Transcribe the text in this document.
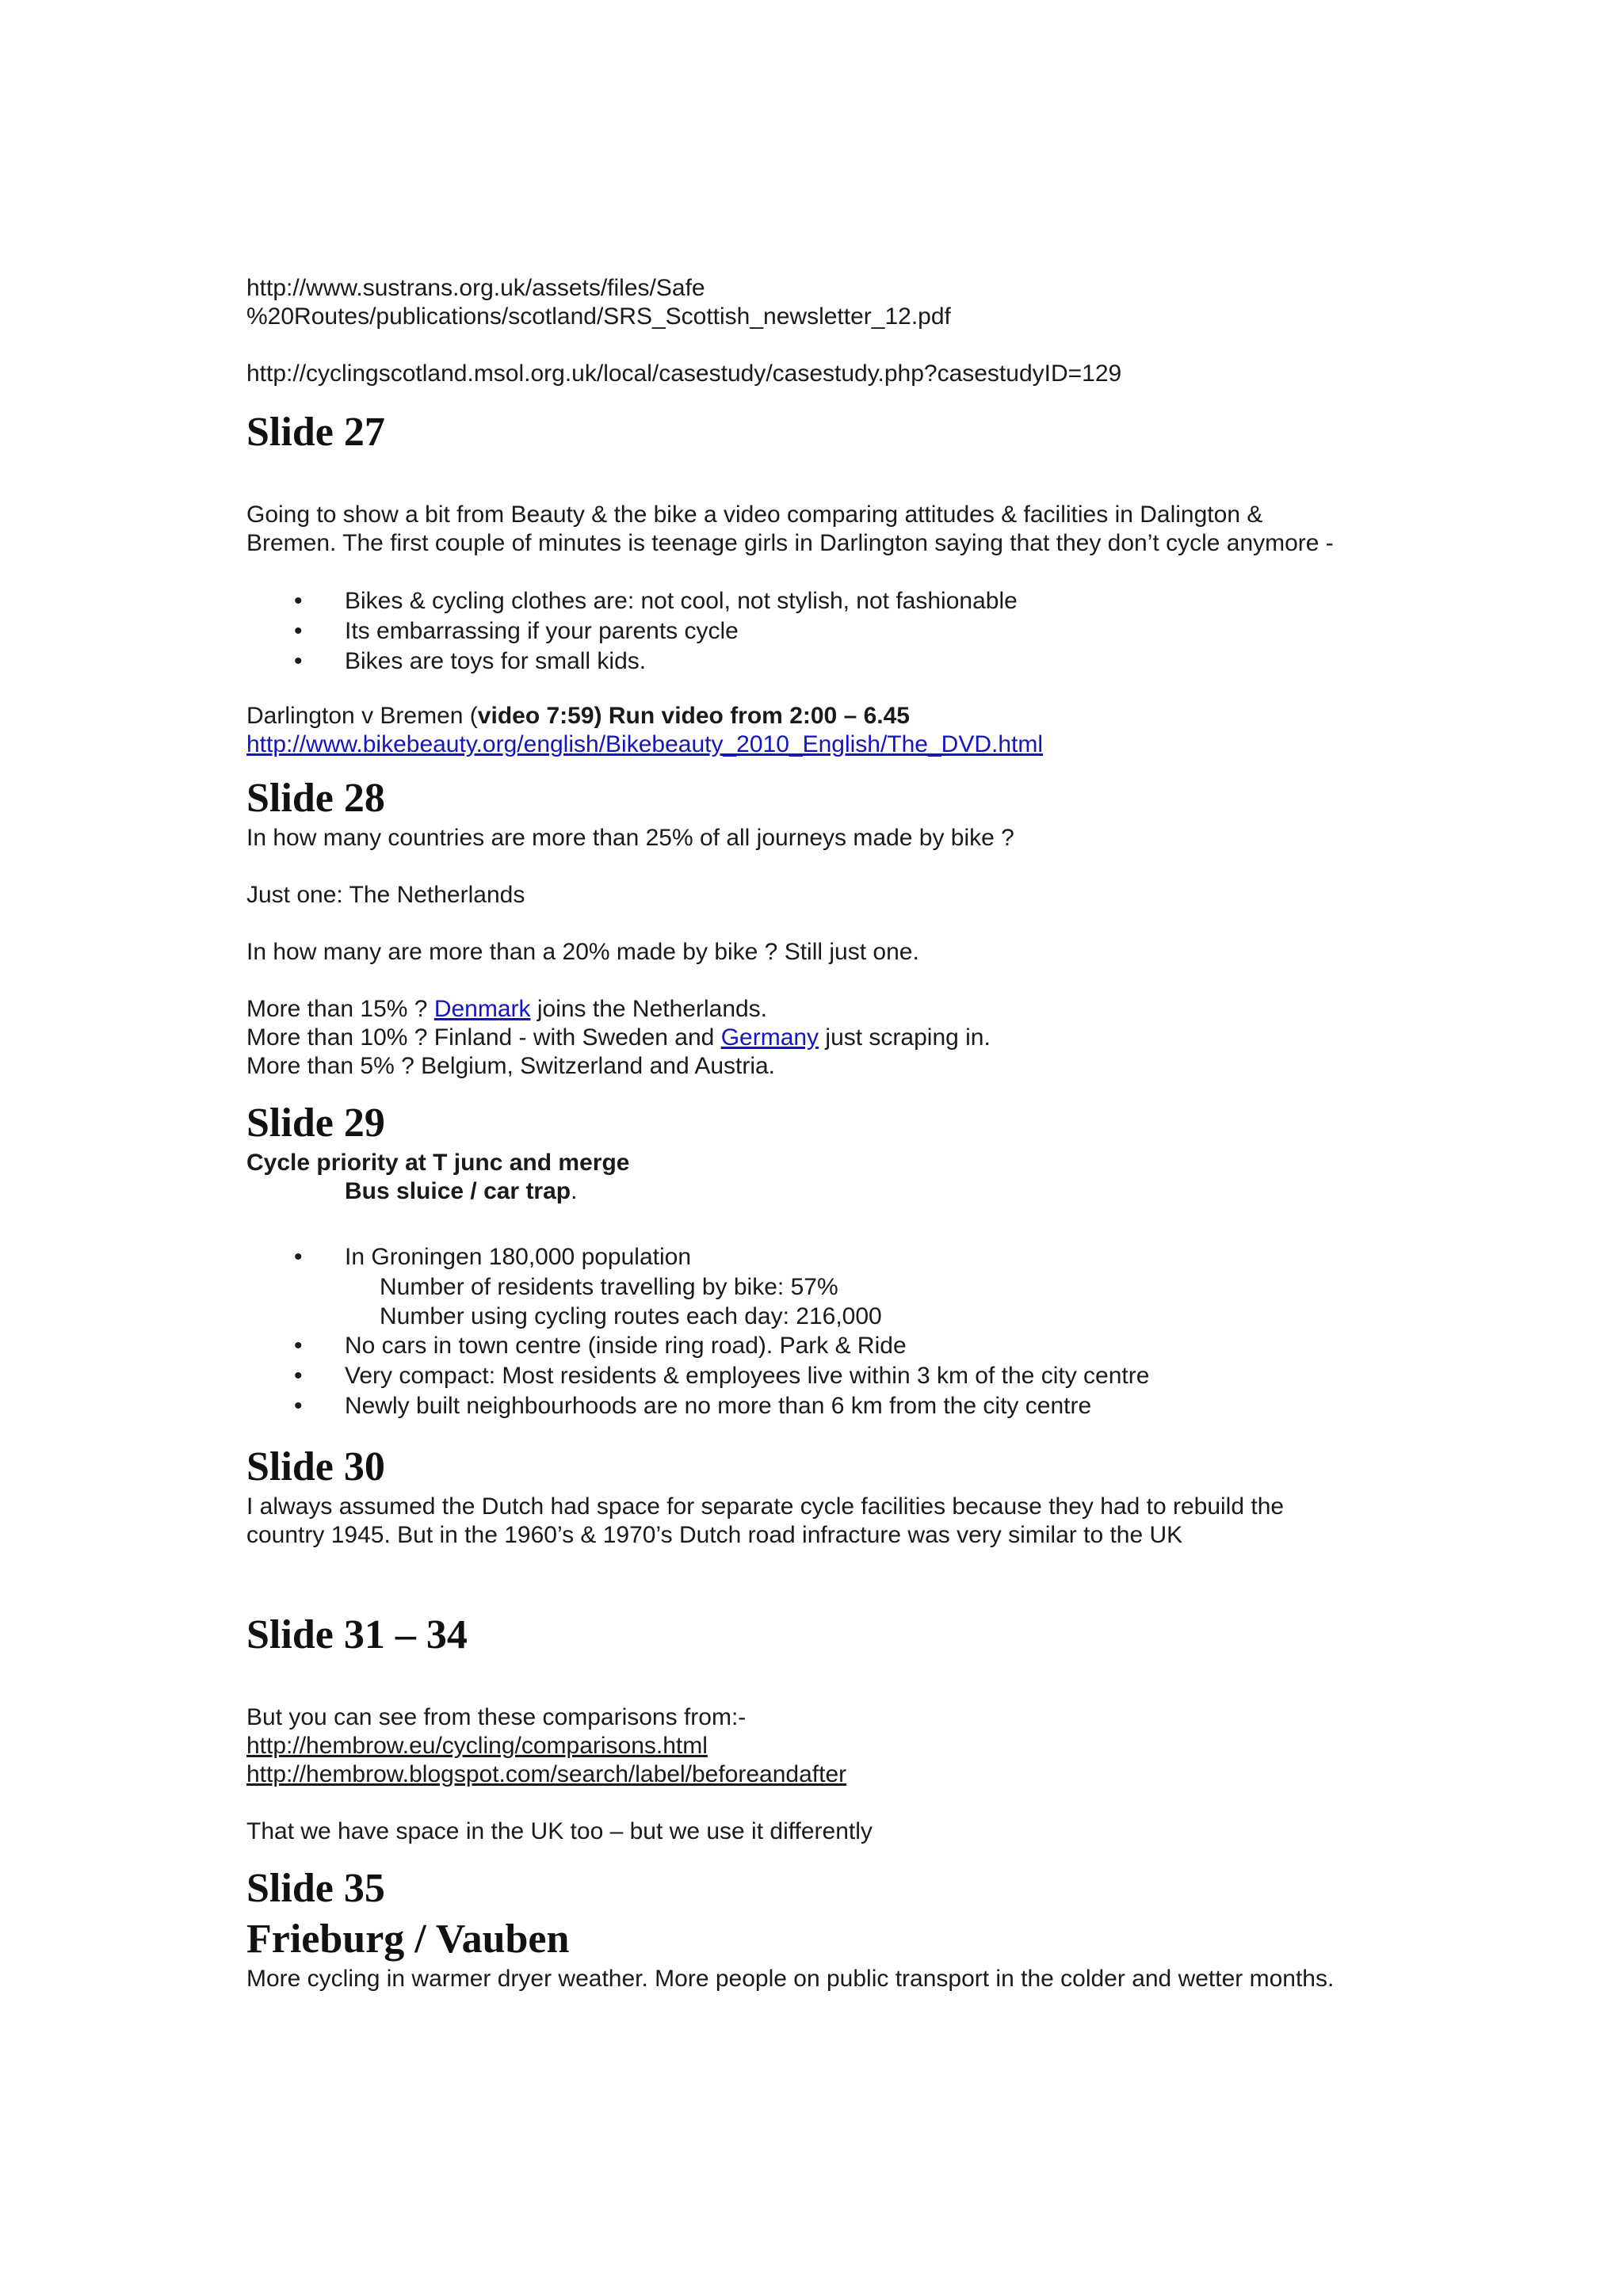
http://www.sustrans.org.uk/assets/files/Safe

%20Routes/publications/scotland/SRS_Scottish_newsletter_12.pdf

http://cyclingscotland.msol.org.uk/local/casestudy/casestudy.php?casestudyID=129

Slide 27

Going to show a bit from Beauty & the bike a video comparing attitudes & facilities in Dalington &

Bremen. The first couple of minutes is teenage girls in Darlington saying that they don’t cycle anymore -

• Bikes & cycling clothes are: not cool, not stylish, not fashionable
• Its embarrassing if your parents cycle
• Bikes are toys for small kids.

Darlington v Bremen (video 7:59) Run video from 2:00 – 6.45

http://www.bikebeauty.org/english/Bikebeauty_2010_English/The_DVD.html

Slide 28

In how many countries are more than 25% of all journeys made by bike ?

Just one: The Netherlands

In how many are more than a 20% made by bike ? Still just one.

More than 15% ? Denmark joins the Netherlands.

More than 10% ? Finland - with Sweden and Germany just scraping in.

More than 5% ? Belgium, Switzerland and Austria.

Slide 29

Cycle priority at T junc and merge

Bus sluice / car trap.

• In Groningen 180,000 population

Number of residents travelling by bike: 57%

Number using cycling routes each day: 216,000

• No cars in town centre (inside ring road). Park & Ride
• Very compact: Most residents & employees live within 3 km of the city centre
• Newly built neighbourhoods are no more than 6 km from the city centre
Slide 30

I always assumed the Dutch had space for separate cycle facilities because they had to rebuild the

country 1945. But in the 1960’s & 1970’s Dutch road infracture was very similar to the UK

Slide 31 – 34

But you can see from these comparisons from:-

http://hembrow.eu/cycling/comparisons.html

http://hembrow.blogspot.com/search/label/beforeandafter

That we have space in the UK too – but we use it differently

Slide 35
Frieburg / Vauben

More cycling in warmer dryer weather. More people on public transport in the colder and wetter months.
